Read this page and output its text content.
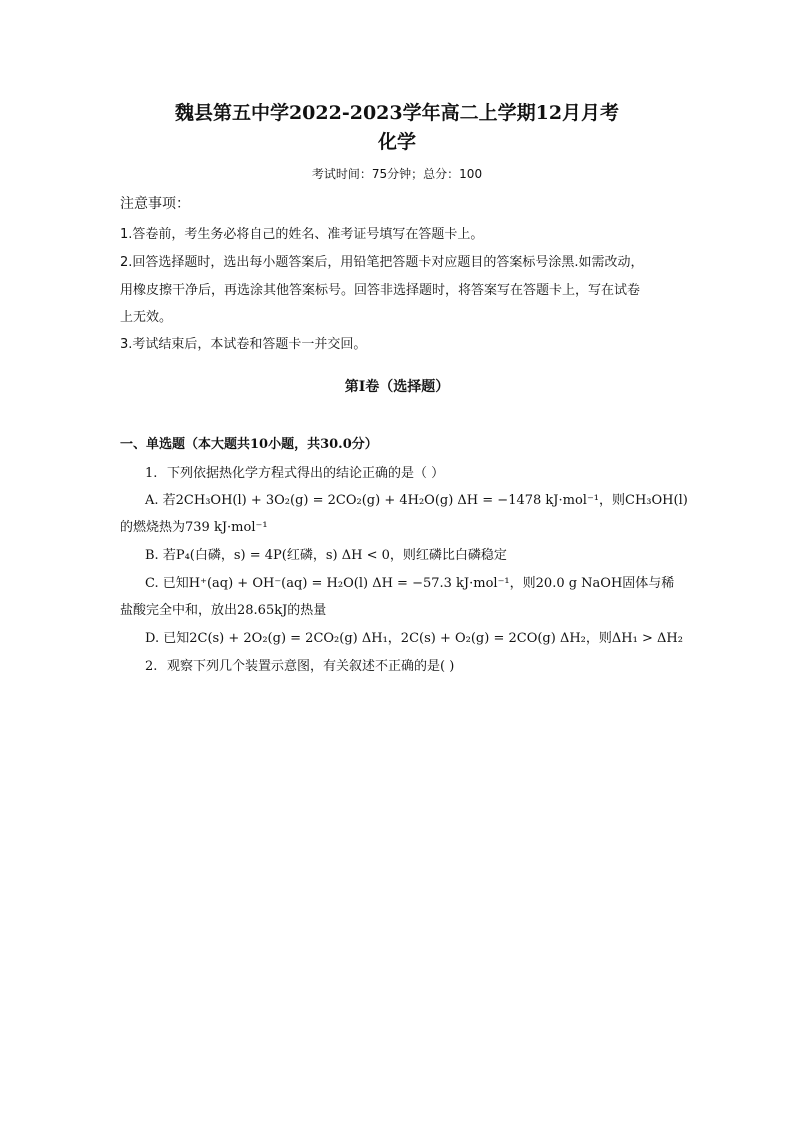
魏县第五中学2022-2023学年高二上学期12月月考
化学
考试时间：75分钟；总分：100
注意事项：
1.答卷前，考生务必将自己的姓名、准考证号填写在答题卡上。
2.回答选择题时，选出每小题答案后，用铅笔把答题卡对应题目的答案标号涂黑.如需改动，
用橡皮擦干净后，再选涂其他答案标号。回答非选择题时，将答案写在答题卡上，写在试卷
上无效。
3.考试结束后，本试卷和答题卡一并交回。
第Ⅰ卷（选择题）
一、单选题（本大题共10小题，共30.0分）
1. 下列依据热化学方程式得出的结论正确的是（ ）
A. 若2CH₃OH(l) + 3O₂(g) = 2CO₂(g) + 4H₂O(g) ΔH = −1478 kJ·mol⁻¹，则CH₃OH(l)
的燃烧热为739 kJ·mol⁻¹
B. 若P₄(白磷，s) = 4P(红磷，s) ΔH < 0，则红磷比白磷稳定
C. 已知H⁺(aq) + OH⁻(aq) = H₂O(l) ΔH = −57.3 kJ·mol⁻¹，则20.0 g NaOH固体与稀
盐酸完全中和，放出28.65kJ的热量
D. 已知2C(s) + 2O₂(g) = 2CO₂(g) ΔH₁，2C(s) + O₂(g) = 2CO(g) ΔH₂，则ΔH₁ > ΔH₂
2. 观察下列几个装置示意图，有关叙述不正确的是( )
